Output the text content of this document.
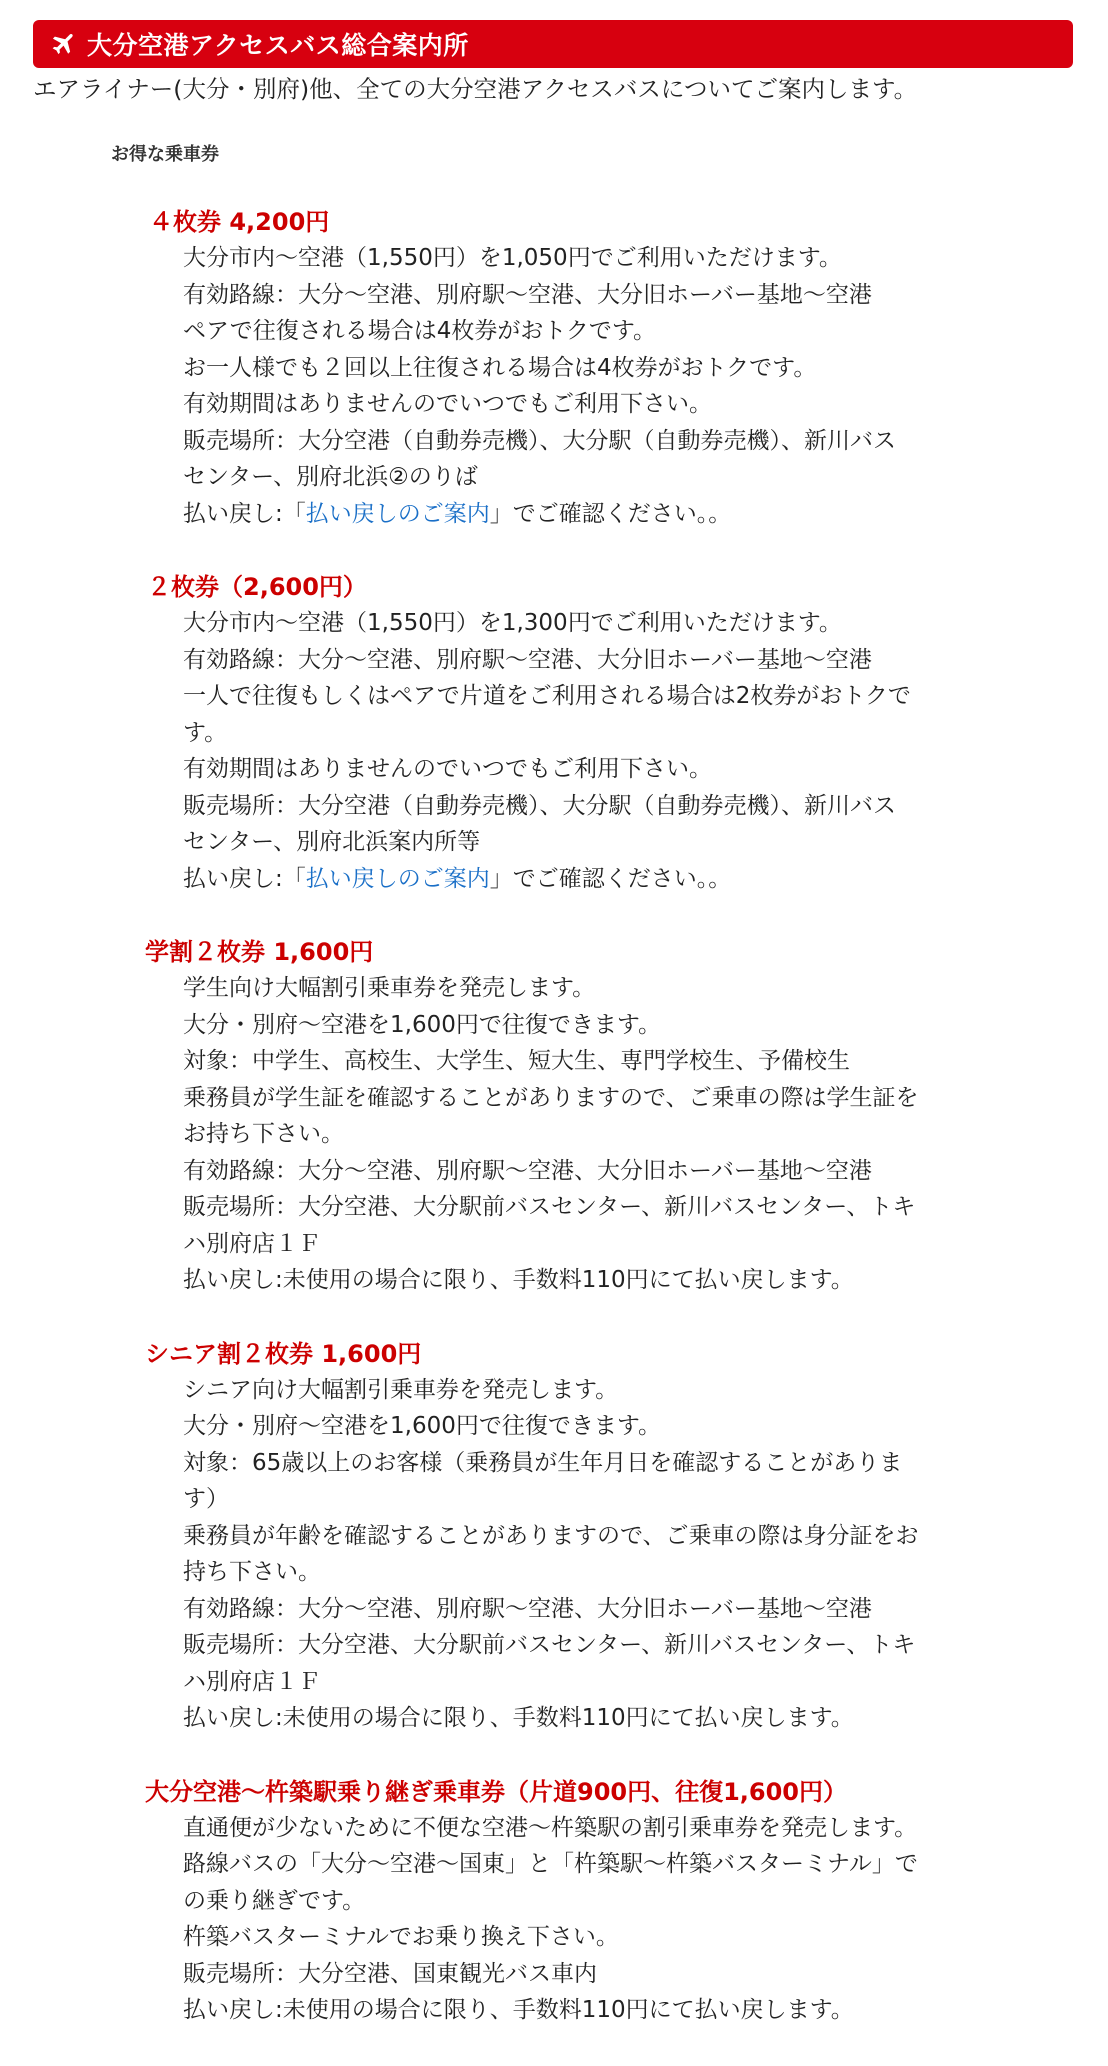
大分空港アクセスバス総合案内所
エアライナー(大分・別府)他、全ての大分空港アクセスバスについてご案内します。
お得な乗車券
４枚券 4,200円
大分市内～空港（1,550円）を1,050円でご利用いただけます。
有効路線：大分～空港、別府駅～空港、大分旧ホーバー基地～空港
ペアで往復される場合は4枚券がおトクです。
お一人様でも２回以上往復される場合は4枚券がおトクです。
有効期間はありませんのでいつでもご利用下さい。
販売場所：大分空港（自動券売機）、大分駅（自動券売機）、新川バス
センター、別府北浜②のりば
払い戻し:「払い戻しのご案内」でご確認ください。。
２枚券（2,600円）
大分市内～空港（1,550円）を1,300円でご利用いただけます。
有効路線：大分～空港、別府駅～空港、大分旧ホーバー基地～空港
一人で往復もしくはペアで片道をご利用される場合は2枚券がおトクで
す。
有効期間はありませんのでいつでもご利用下さい。
販売場所：大分空港（自動券売機）、大分駅（自動券売機）、新川バス
センター、別府北浜案内所等
払い戻し:「払い戻しのご案内」でご確認ください。。
学割２枚券 1,600円
学生向け大幅割引乗車券を発売します。
大分・別府～空港を1,600円で往復できます。
対象：中学生、高校生、大学生、短大生、専門学校生、予備校生
乗務員が学生証を確認することがありますので、ご乗車の際は学生証を
お持ち下さい。
有効路線：大分～空港、別府駅～空港、大分旧ホーバー基地～空港
販売場所：大分空港、大分駅前バスセンター、新川バスセンター、トキ
ハ別府店１Ｆ
払い戻し:未使用の場合に限り、手数料110円にて払い戻します。
シニア割２枚券 1,600円
シニア向け大幅割引乗車券を発売します。
大分・別府～空港を1,600円で往復できます。
対象：65歳以上のお客様（乗務員が生年月日を確認することがありま
す）
乗務員が年齢を確認することがありますので、ご乗車の際は身分証をお
持ち下さい。
有効路線：大分～空港、別府駅～空港、大分旧ホーバー基地～空港
販売場所：大分空港、大分駅前バスセンター、新川バスセンター、トキ
ハ別府店１Ｆ
払い戻し:未使用の場合に限り、手数料110円にて払い戻します。
大分空港～杵築駅乗り継ぎ乗車券（片道900円、往復1,600円）
直通便が少ないために不便な空港～杵築駅の割引乗車券を発売します。
路線バスの「大分～空港～国東」と「杵築駅～杵築バスターミナル」で
の乗り継ぎです。
杵築バスターミナルでお乗り換え下さい。
販売場所：大分空港、国東観光バス車内
払い戻し:未使用の場合に限り、手数料110円にて払い戻します。
